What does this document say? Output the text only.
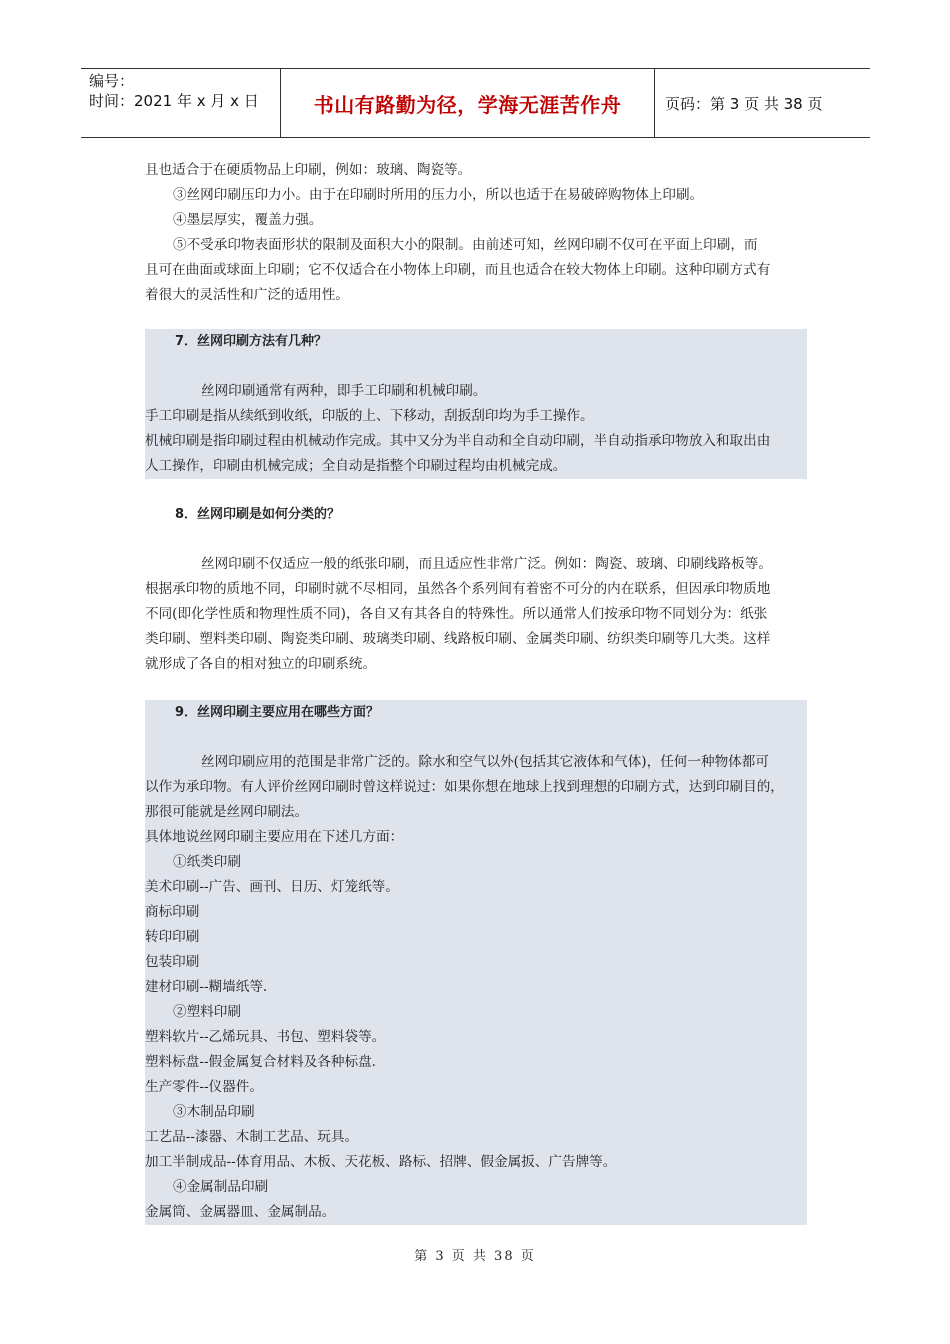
编号：
时间：2021 年 x 月 x 日	书山有路勤为径，学海无涯苦作舟	页码：第 3 页 共 38 页
且也适合于在硬质物品上印刷，例如：玻璃、陶瓷等。
③丝网印刷压印力小。由于在印刷时所用的压力小，所以也适于在易破碎购物体上印刷。
④墨层厚实，覆盖力强。
⑤不受承印物表面形状的限制及面积大小的限制。由前述可知，丝网印刷不仅可在平面上印刷，而
且可在曲面或球面上印刷；它不仅适合在小物体上印刷，而且也适合在较大物体上印刷。这种印刷方式有
着很大的灵活性和广泛的适用性。
7．丝网印刷方法有几种？
丝网印刷通常有两种，即手工印刷和机械印刷。
手工印刷是指从续纸到收纸，印版的上、下移动，刮扳刮印均为手工操作。
机械印刷是指印刷过程由机械动作完成。其中又分为半自动和全自动印刷，半自动指承印物放入和取出由
人工操作，印刷由机械完成；全自动是指整个印刷过程均由机械完成。
8．丝网印刷是如何分类的？
丝网印刷不仅适应一般的纸张印刷，而且适应性非常广泛。例如：陶瓷、玻璃、印刷线路板等。
根据承印物的质地不同，印刷时就不尽相同，虽然各个系列间有着密不可分的内在联系，但因承印物质地
不同(即化学性质和物理性质不同)，各自又有其各自的特殊性。所以通常人们按承印物不同划分为：纸张
类印刷、塑料类印刷、陶瓷类印刷、玻璃类印刷、线路板印刷、金属类印刷、纺织类印刷等几大类。这样
就形成了各自的相对独立的印刷系统。
9．丝网印刷主要应用在哪些方面？
丝网印刷应用的范围是非常广泛的。除水和空气以外(包括其它液体和气体)，任何一种物体都可
以作为承印物。有人评价丝网印刷时曾这样说过：如果你想在地球上找到理想的印刷方式，达到印刷目的，
那很可能就是丝网印刷法。
具体地说丝网印刷主要应用在下述几方面：
①纸类印刷
美术印刷--广告、画刊、日历、灯笼纸等。
商标印刷
转印印刷
包装印刷
建材印刷--糊墙纸等.
②塑料印刷
塑料软片--乙烯玩具、书包、塑料袋等。
塑料标盘--假金属复合材料及各种标盘.
生产零件--仪器件。
③木制品印刷
工艺品--漆器、木制工艺品、玩具。
加工半制成品--体育用品、木板、天花板、路标、招牌、假金属扳、广告牌等。
④金属制品印刷
金属筒、金属器皿、金属制品。
第 3 页 共 38 页
